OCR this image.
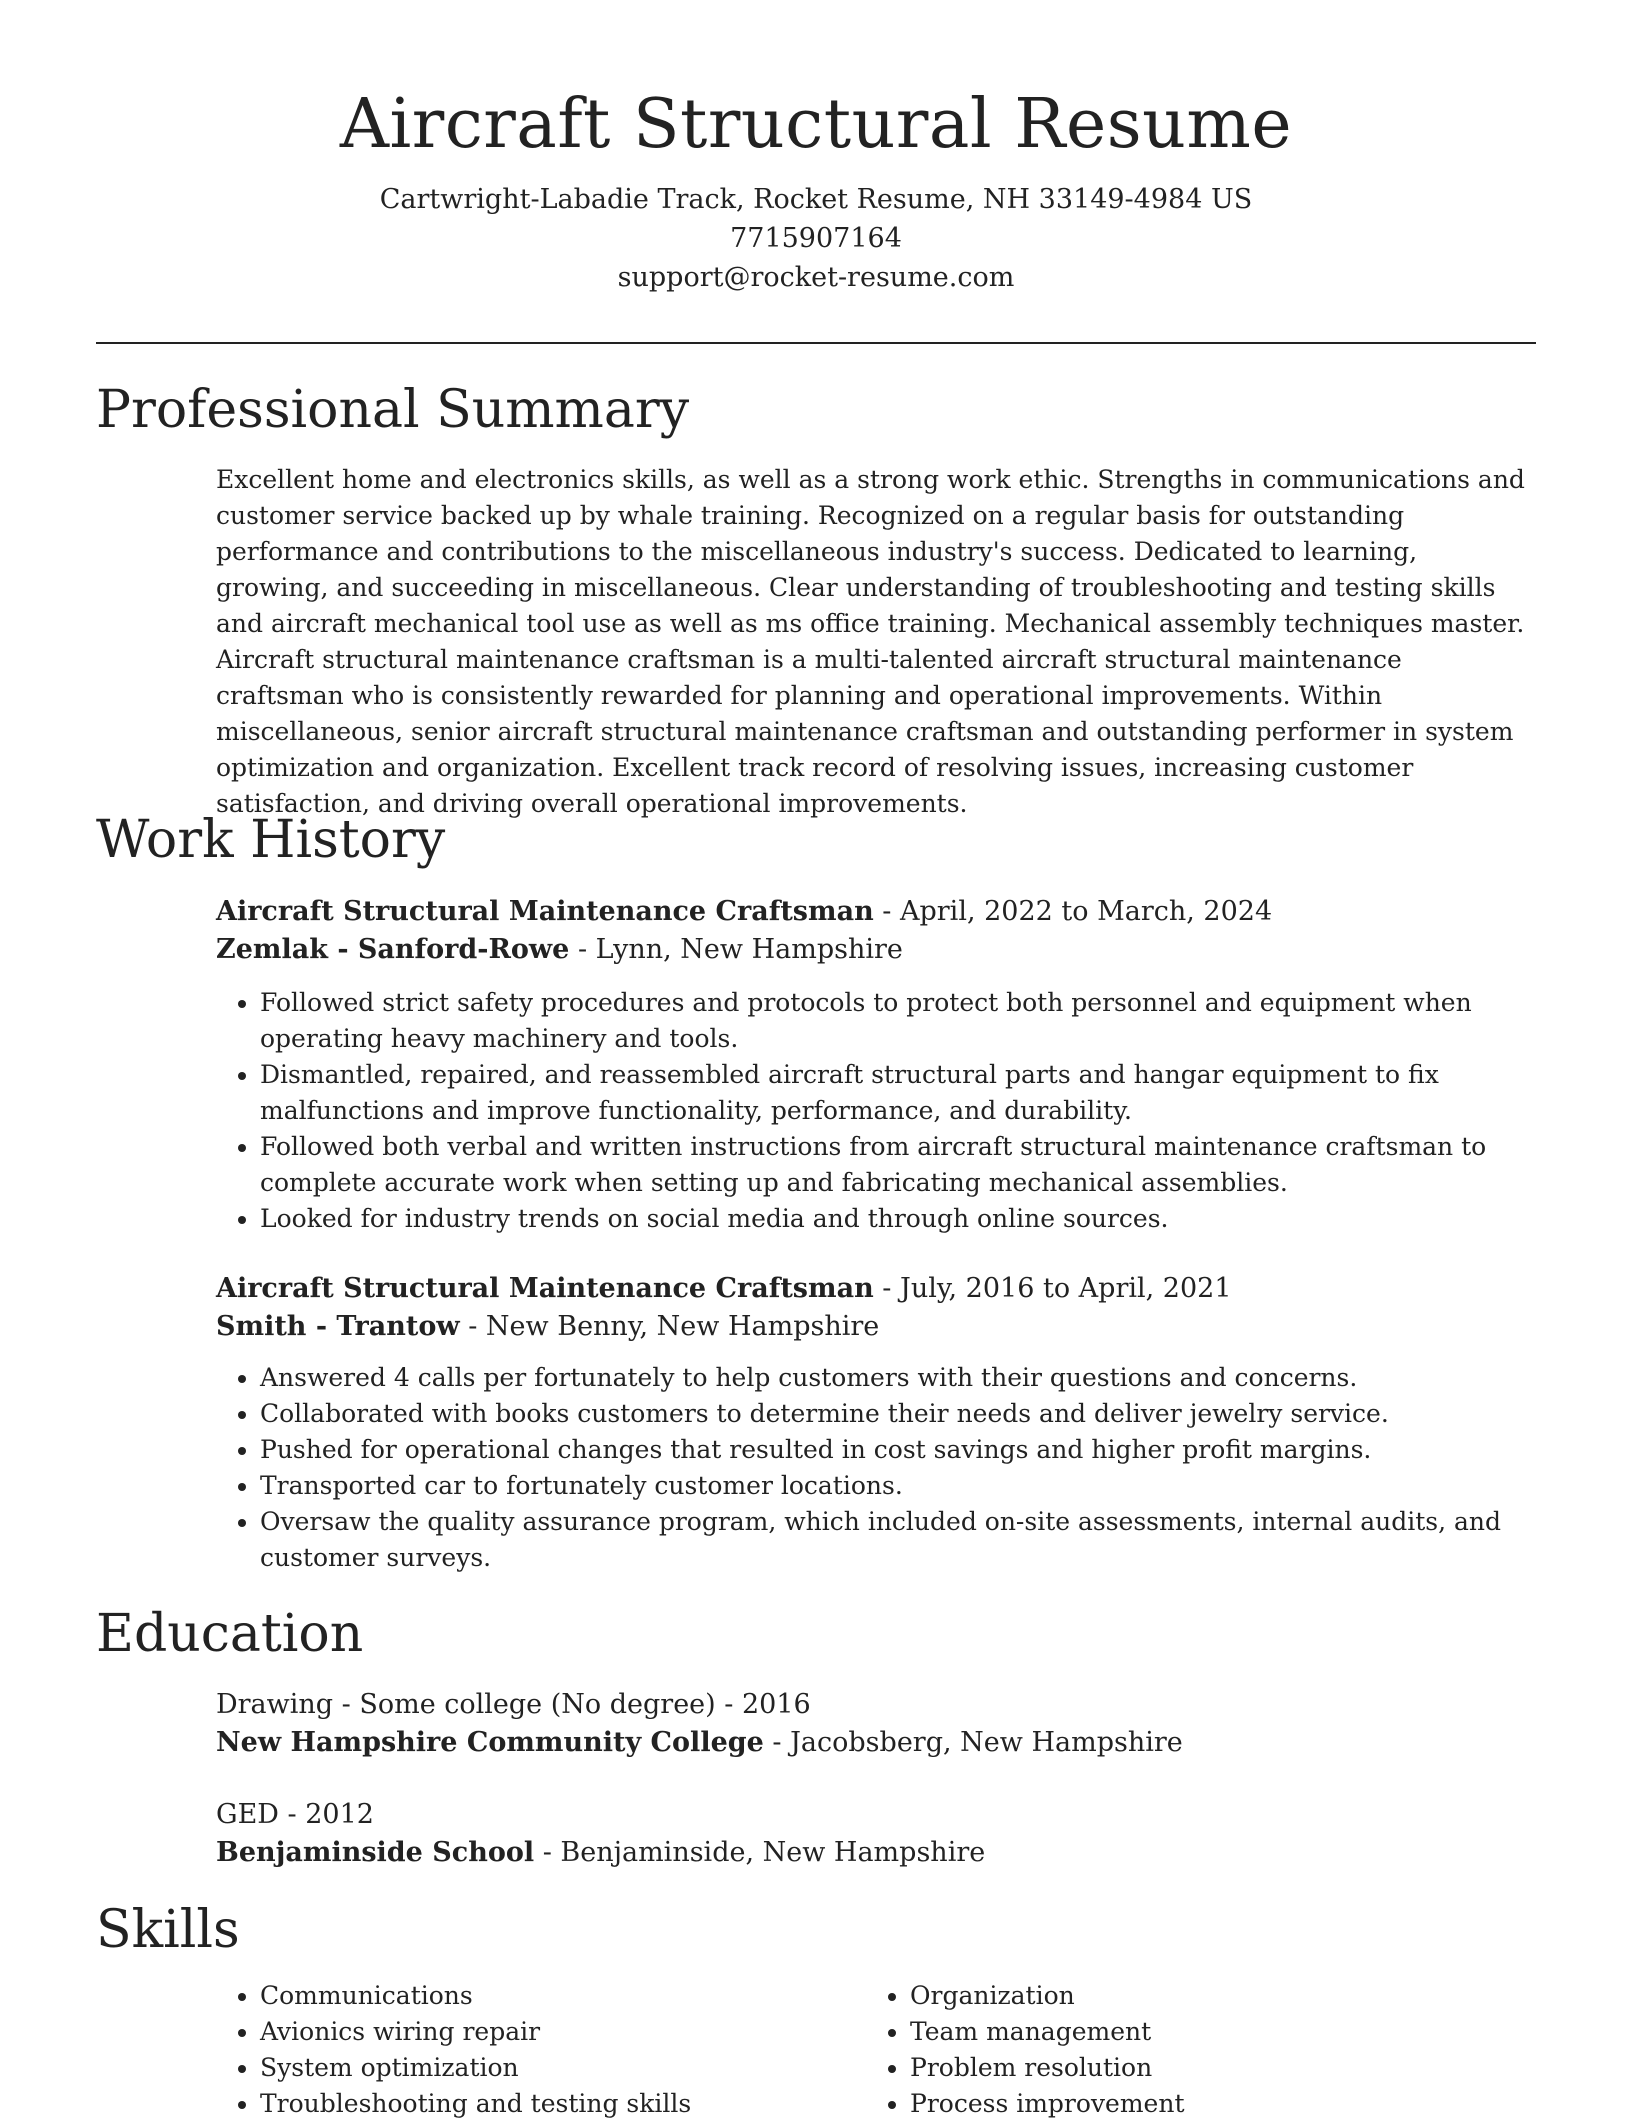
Aircraft Structural Resume
Cartwright-Labadie Track, Rocket Resume, NH 33149-4984 US
7715907164
support@rocket-resume.com
Professional Summary

Excellent home and electronics skills, as well as a strong work ethic. Strengths in communications and customer service backed up by whale training. Recognized on a regular basis for outstanding performance and contributions to the miscellaneous industry's success. Dedicated to learning, growing, and succeeding in miscellaneous. Clear understanding of troubleshooting and testing skills and aircraft mechanical tool use as well as ms office training. Mechanical assembly techniques master. Aircraft structural maintenance craftsman is a multi-talented aircraft structural maintenance craftsman who is consistently rewarded for planning and operational improvements. Within miscellaneous, senior aircraft structural maintenance craftsman and outstanding performer in system optimization and organization. Excellent track record of resolving issues, increasing customer satisfaction, and driving overall operational improvements.

Work History

Aircraft Structural Maintenance Craftsman - April, 2022 to March, 2024

Zemlak - Sanford-Rowe - Lynn, New Hampshire

• Followed strict safety procedures and protocols to protect both personnel and equipment when operating heavy machinery and tools.
• Dismantled, repaired, and reassembled aircraft structural parts and hangar equipment to fix malfunctions and improve functionality, performance, and durability.
• Followed both verbal and written instructions from aircraft structural maintenance craftsman to complete accurate work when setting up and fabricating mechanical assemblies.
• Looked for industry trends on social media and through online sources.

Aircraft Structural Maintenance Craftsman - July, 2016 to April, 2021

Smith - Trantow - New Benny, New Hampshire

• Answered 4 calls per fortunately to help customers with their questions and concerns.
• Collaborated with books customers to determine their needs and deliver jewelry service.
• Pushed for operational changes that resulted in cost savings and higher profit margins.
• Transported car to fortunately customer locations.
• Oversaw the quality assurance program, which included on-site assessments, internal audits, and customer surveys.
Education

Drawing - Some college (No degree) - 2016

New Hampshire Community College - Jacobsberg, New Hampshire

GED - 2012

Benjaminside School - Benjaminside, New Hampshire

Skills
• Communications
• Avionics wiring repair
• System optimization
• Troubleshooting and testing skills
• Organization
• Team management
• Problem resolution
• Process improvement
